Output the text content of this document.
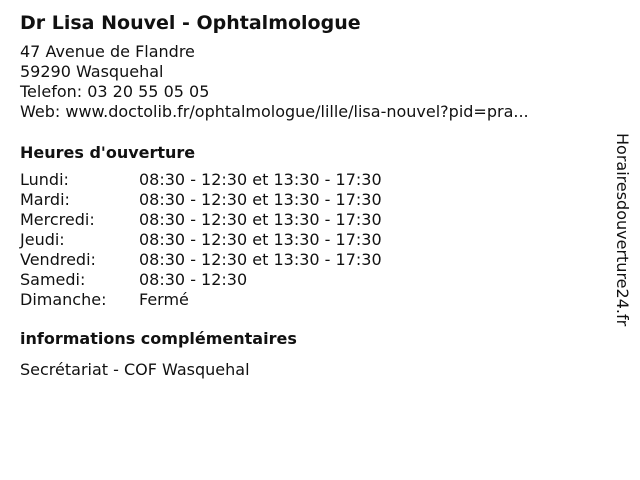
Dr Lisa Nouvel - Ophtalmologue
47 Avenue de Flandre
59290 Wasquehal
Telefon: 03 20 55 05 05
Web: www.doctolib.fr/ophtalmologue/lille/lisa-nouvel?pid=pra...
Heures d'ouverture
Lundi:	08:30 - 12:30 et 13:30 - 17:30
Mardi:	08:30 - 12:30 et 13:30 - 17:30
Mercredi:	08:30 - 12:30 et 13:30 - 17:30
Jeudi:	08:30 - 12:30 et 13:30 - 17:30
Vendredi:	08:30 - 12:30 et 13:30 - 17:30
Samedi:	08:30 - 12:30
Dimanche:	Fermé
informations complémentaires
Secrétariat - COF Wasquehal
Horairesdouverture24.fr
